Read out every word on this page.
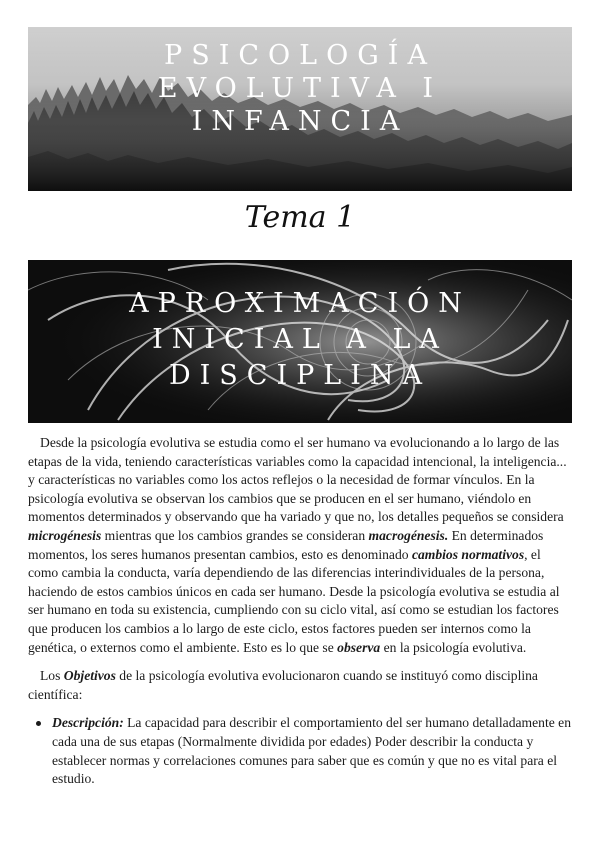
PSICOLOGÍA
EVOLUTIVA I
INFANCIA
Tema 1
APROXIMACIÓN
INICIAL A LA
DISCIPLINA

Desde la psicología evolutiva se estudia como el ser humano va evolucionando a lo largo de las etapas de la vida, teniendo características variables como la capacidad intencional, la inteligencia... y características no variables como los actos reflejos o la necesidad de formar vínculos. En la psicología evolutiva se observan los cambios que se producen en el ser humano, viéndolo en momentos determinados y observando que ha variado y que no, los detalles pequeños se considera microgénesis mientras que los cambios grandes se consideran macrogénesis. En determinados momentos, los seres humanos presentan cambios, esto es denominado cambios normativos, el como cambia la conducta, varía dependiendo de las diferencias interindividuales de la persona, haciendo de estos cambios únicos en cada ser humano. Desde la psicología evolutiva se estudia al ser humano en toda su existencia, cumpliendo con su ciclo vital, así como se estudian los factores que producen los cambios a lo largo de este ciclo, estos factores pueden ser internos como la genética, o externos como el ambiente. Esto es lo que se observa en la psicología evolutiva.

Los Objetivos de la psicología evolutiva evolucionaron cuando se instituyó como disciplina científica:

Descripción: La capacidad para describir el comportamiento del ser humano detalladamente en cada una de sus etapas (Normalmente dividida por edades) Poder describir la conducta y establecer normas y correlaciones comunes para saber que es común y que no es vital para el estudio.
